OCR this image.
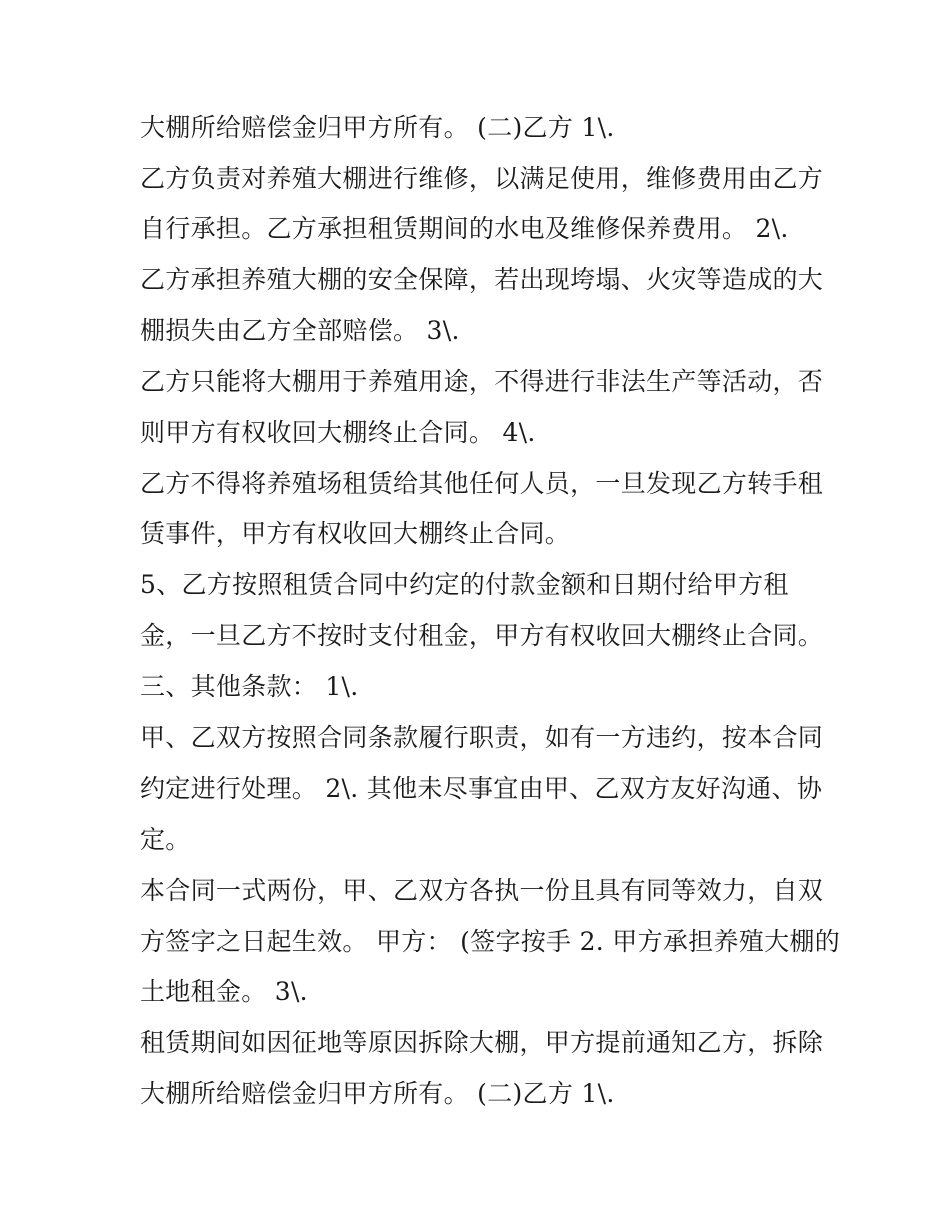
大棚所给赔偿金归甲方所有。 (二)乙方 1\.
乙方负责对养殖大棚进行维修，以满足使用，维修费用由乙方
自行承担。乙方承担租赁期间的水电及维修保养费用。 2\.
乙方承担养殖大棚的安全保障，若出现垮塌、火灾等造成的大
棚损失由乙方全部赔偿。 3\.
乙方只能将大棚用于养殖用途，不得进行非法生产等活动，否
则甲方有权收回大棚终止合同。 4\.
乙方不得将养殖场租赁给其他任何人员，一旦发现乙方转手租
赁事件，甲方有权收回大棚终止合同。
5、乙方按照租赁合同中约定的付款金额和日期付给甲方租
金，一旦乙方不按时支付租金，甲方有权收回大棚终止合同。
三、其他条款： 1\.
甲、乙双方按照合同条款履行职责，如有一方违约，按本合同
约定进行处理。 2\. 其他未尽事宜由甲、乙双方友好沟通、协
定。
本合同一式两份，甲、乙双方各执一份且具有同等效力，自双
方签字之日起生效。 甲方： (签字按手 2. 甲方承担养殖大棚的
土地租金。 3\.
租赁期间如因征地等原因拆除大棚，甲方提前通知乙方，拆除
大棚所给赔偿金归甲方所有。 (二)乙方 1\.
